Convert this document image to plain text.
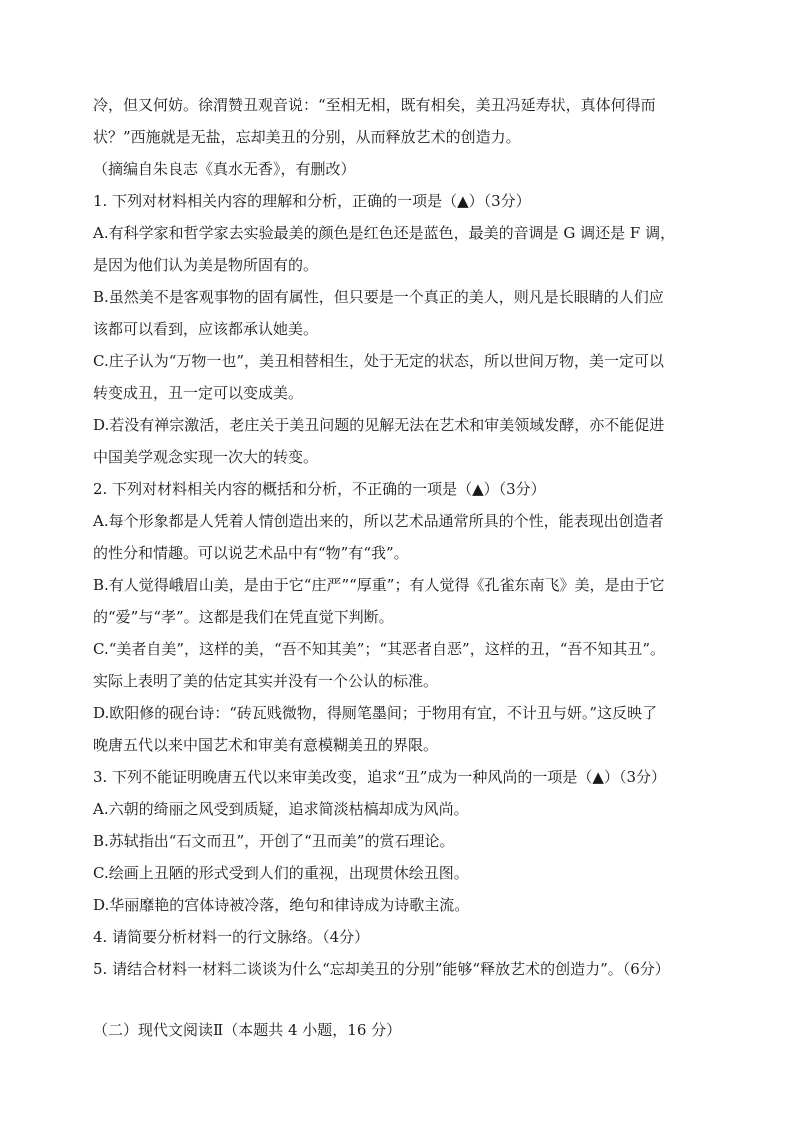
冷，但又何妨。徐渭赞丑观音说：“至相无相，既有相矣，美丑冯延寿状，真体何得而
状？”西施就是无盐，忘却美丑的分别，从而释放艺术的创造力。
（摘编自朱良志《真水无香》，有删改）
1. 下列对材料相关内容的理解和分析，正确的一项是（▲）（3分）
A.有科学家和哲学家去实验最美的颜色是红色还是蓝色，最美的音调是 G 调还是 F 调，
是因为他们认为美是物所固有的。
B.虽然美不是客观事物的固有属性，但只要是一个真正的美人，则凡是长眼睛的人们应
该都可以看到，应该都承认她美。
C.庄子认为“万物一也”，美丑相替相生，处于无定的状态，所以世间万物，美一定可以
转变成丑，丑一定可以变成美。
D.若没有禅宗激活，老庄关于美丑问题的见解无法在艺术和审美领域发酵，亦不能促进
中国美学观念实现一次大的转变。
2. 下列对材料相关内容的概括和分析，不正确的一项是（▲）（3分）
A.每个形象都是人凭着人情创造出来的，所以艺术品通常所具的个性，能表现出创造者
的性分和情趣。可以说艺术品中有“物”有“我”。
B.有人觉得峨眉山美，是由于它“庄严”“厚重”；有人觉得《孔雀东南飞》美，是由于它
的“爱”与“孝”。这都是我们在凭直觉下判断。
C.“美者自美”，这样的美，“吾不知其美”；“其恶者自恶”，这样的丑，“吾不知其丑”。
实际上表明了美的估定其实并没有一个公认的标准。
D.欧阳修的砚台诗：“砖瓦贱微物，得厕笔墨间；于物用有宜，不计丑与妍。”这反映了
晚唐五代以来中国艺术和审美有意模糊美丑的界限。
3. 下列不能证明晚唐五代以来审美改变，追求“丑”成为一种风尚的一项是（▲）（3分）
A.六朝的绮丽之风受到质疑，追求简淡枯槁却成为风尚。
B.苏轼指出“石文而丑”，开创了“丑而美”的赏石理论。
C.绘画上丑陋的形式受到人们的重视，出现贯休绘丑图。
D.华丽靡艳的宫体诗被冷落，绝句和律诗成为诗歌主流。
4. 请简要分析材料一的行文脉络。（4分）
5. 请结合材料一材料二谈谈为什么“忘却美丑的分别”能够“释放艺术的创造力”。（6分）
（二）现代文阅读Ⅱ（本题共 4 小题，16 分）
